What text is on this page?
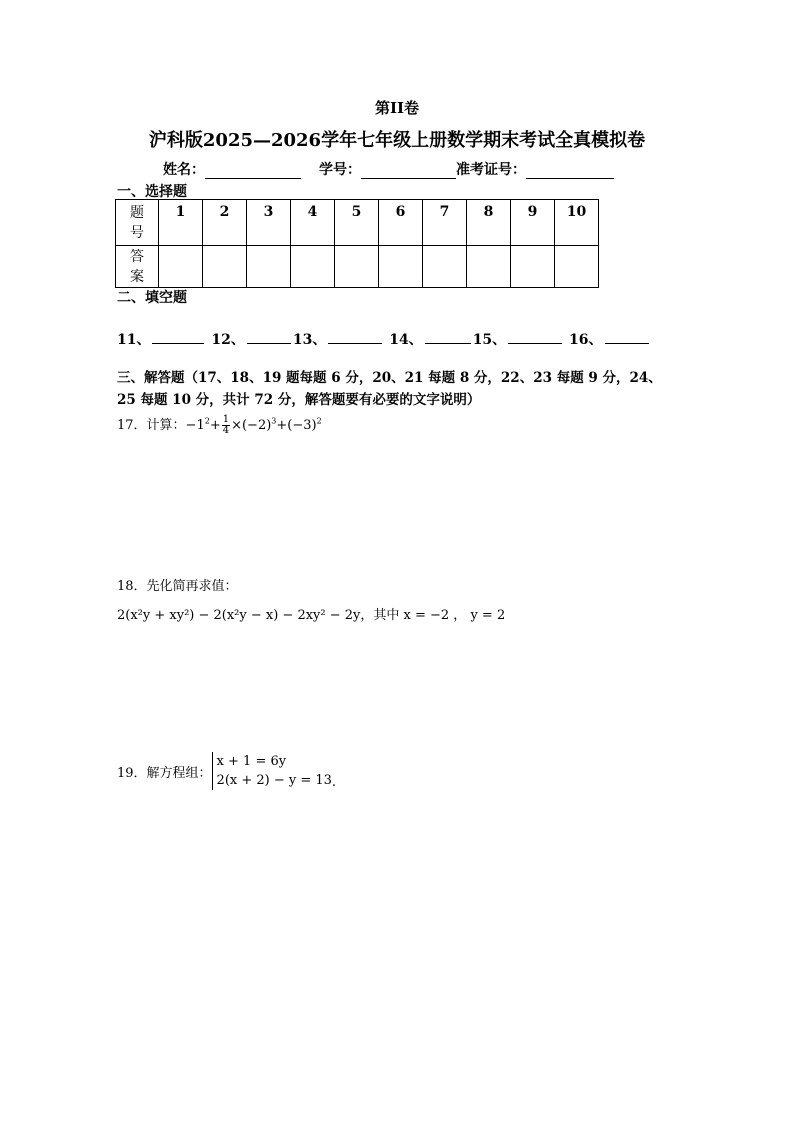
第II卷
沪科版2025—2026学年七年级上册数学期末考试全真模拟卷
姓名：	学号：	准考证号：
一、选择题
题
号	1	2	3	4	5	6	7	8	9	10
答
案										
二、填空题
11、	12、	13、	14、	15、	16、
三、解答题（17、18、19 题每题 6 分，20、21 每题 8 分，22、23 每题 9 分，24、
25 每题 10 分，共计 72 分，解答题要有必要的文字说明）
17．计算：$-1^2+ \frac{1}{4} \times(-2)^3+(-3)^2$
18．先化简再求值：
2(x²y + xy²) − 2(x²y − x) − 2xy² − 2y，其中 x = −2 ， y = 2
19．解方程组：
x + 1 = 6y
2(x + 2) − y = 13 .
